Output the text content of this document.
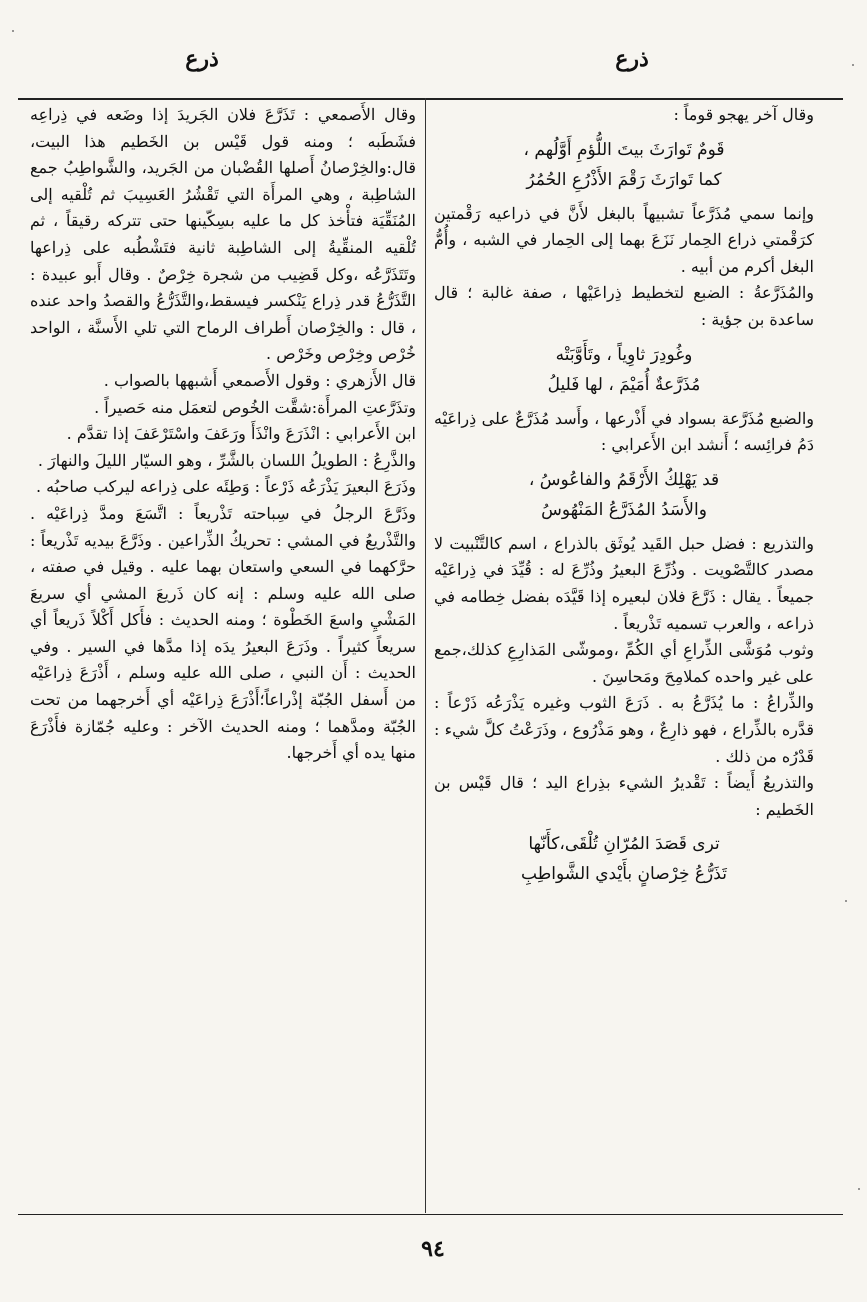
ذرع
ذرع

وقال آخر يهجو قوماً :

قَومٌ تَوارَثَ بيتَ اللُّؤمِ أَوَّلُهم ،
كما تَوارَثَ رَقْمَ الأَذْرُعِ الحُمُرُ

وإنما سمي مُذَرَّعاً تشبيهاً بالبغل لأَنَّ في ذراعيه رَقْمتين كرَقْمتي ذراع الحِمار نَزَعَ بهما إلى الحِمار في الشبه ، وأُمُّ البغل أكرم من أبيه .

والمُذَرَّعةُ : الضبع لتخطيط ذِراعَيْها ، صفة غالبة ؛ قال ساعدة بن جؤية :

وغُودِرَ ثاوِياً ، وتَأَوَّبَتْه
مُذَرَّعةٌ أُمَيْمَ ، لها فَليلُ

والضبع مُذَرَّعة بسواد في أَذْرعها ، وأَسد مُذَرَّعٌ على ذِراعَيْه دَمُ فرائِسه ؛ أَنشد ابن الأَعرابي :

قد يَهْلِكُ الأَرْقَمُ والفاعُوسُ ،
والأَسَدُ المُذَرَّعُ المَنْهُوسُ

والتذريع : فضل حبل القَيد يُوثَق بالذراع ، اسم كالتَّنْبيت لا مصدر كالتَّصْويت . وذُرِّعَ البعيرُ وذُرِّعَ له : قُيِّدَ في ذِراعَيْه جميعاً . يقال : ذَرَّعَ فلان لبعيره إذا قَيَّدَه بفضل خِطامه في ذراعه ، والعرب تسميه تَذْريعاً .

وثوب مُوَشَّى الذِّراعِ أي الكُمِّ ،وموشّى المَذارِعِ كذلك،جمع على غير واحده كملامِحَ ومَحاسِنَ .

والذِّراعُ : ما يُذَرَّعُ به . ذَرَعَ الثوب وغيره يَذْرَعُه ذَرْعاً : قدَّره بالذِّراع ، فهو ذارِعٌ ، وهو مَذْرُوع ، وذَرَعْتُ كلَّ شيء : قَدْرُه من ذلك .

والتذريعُ أَيضاً : تَقْديرُ الشيء بذِراع اليد ؛ قال قَيْس بن الخَطيم :

ترى قَصَدَ المُرّانِ تُلْقَى،كأَنّها
تَذَرُّعُ خِرْصانٍ بأَيْدي الشَّواطِبِ

وقال الأَصمعي : تَذَرَّعَ فلان الجَريدَ إذا وضَعه في ذِراعِه فشَطَبه ؛ ومنه قول قَيْس بن الخَطيم هذا البيت، قال:والخِرْصانُ أَصلها القُضْبان من الجَريد، والشَّواطِبُ جمع الشاطِبة ، وهي المرأَة التي تَقْشُرُ العَسِيبَ ثم تُلْقيه إلى المُنَقِّيَة فتأْخذ كل ما عليه بسِكّينها حتى تتركه رقيقاً ، ثم تُلْقيه المنقِّيةُ إلى الشاطِبة ثانية فتَشْطُبه على ذِراعها وتَتَذَرَّعُه ،وكل قَضِيب من شجرة خِرْصٌ . وقال أَبو عبيدة : التَّذَرُّعُ قدر ذِراع يَنْكسر فيسقط،والتَّذَرُّعُ والقصدُ واحد عنده ، قال : والخِرْصان أَطراف الرماح التي تلي الأَسنَّة ، الواحد خُرْص وخِرْص وخَرْص .

قال الأَزهري : وقول الأَصمعي أَشبهها بالصواب .

وتذَرَّعتِ المرأَة:شقَّت الخُوص لتعمَل منه حَصيراً .

ابن الأَعرابي : انْذَرَعَ وانْذَأَ ورَعَفَ واسْتَرْعَفَ إذا تقدَّم .

والذَّرِعُ : الطويلُ اللسان بالشَّرِّ ، وهو السيّار الليلَ والنهارَ .

وذَرَعَ البعيرَ يَذْرَعُه ذَرْعاً : وَطِئَه على ذِراعه ليركب صاحبُه .

وذَرَّعَ الرجلُ في سِباحته تَذْريعاً : اتَّسَعَ ومدَّ ذِراعَيْه . والتَّذْريعُ في المشي : تحريكُ الذِّراعين . وذَرَّعَ بيديه تَذْريعاً : حرَّكهما في السعي واستعان بهما عليه . وقيل في صفته ، صلى الله عليه وسلم : إنه كان ذَريعَ المشي أي سريعَ المَشْيِ واسعَ الخَطْوة ؛ ومنه الحديث : فأَكل أَكْلاً ذَريعاً أي سريعاً كثيراً . وذَرَعَ البعيرُ يدَه إذا مدَّها في السير . وفي الحديث : أَن النبي ، صلى الله عليه وسلم ، أَذْرَعَ ذِراعَيْه من أَسفل الجُبّة إذْراعاً؛أَذْرَعَ ذِراعَيْه أي أَخرجهما من تحت الجُبّة ومدَّهما ؛ ومنه الحديث الآخر : وعليه جُمّازة فأَذْرَعَ منها يده أي أَخرجها.

٩٤
